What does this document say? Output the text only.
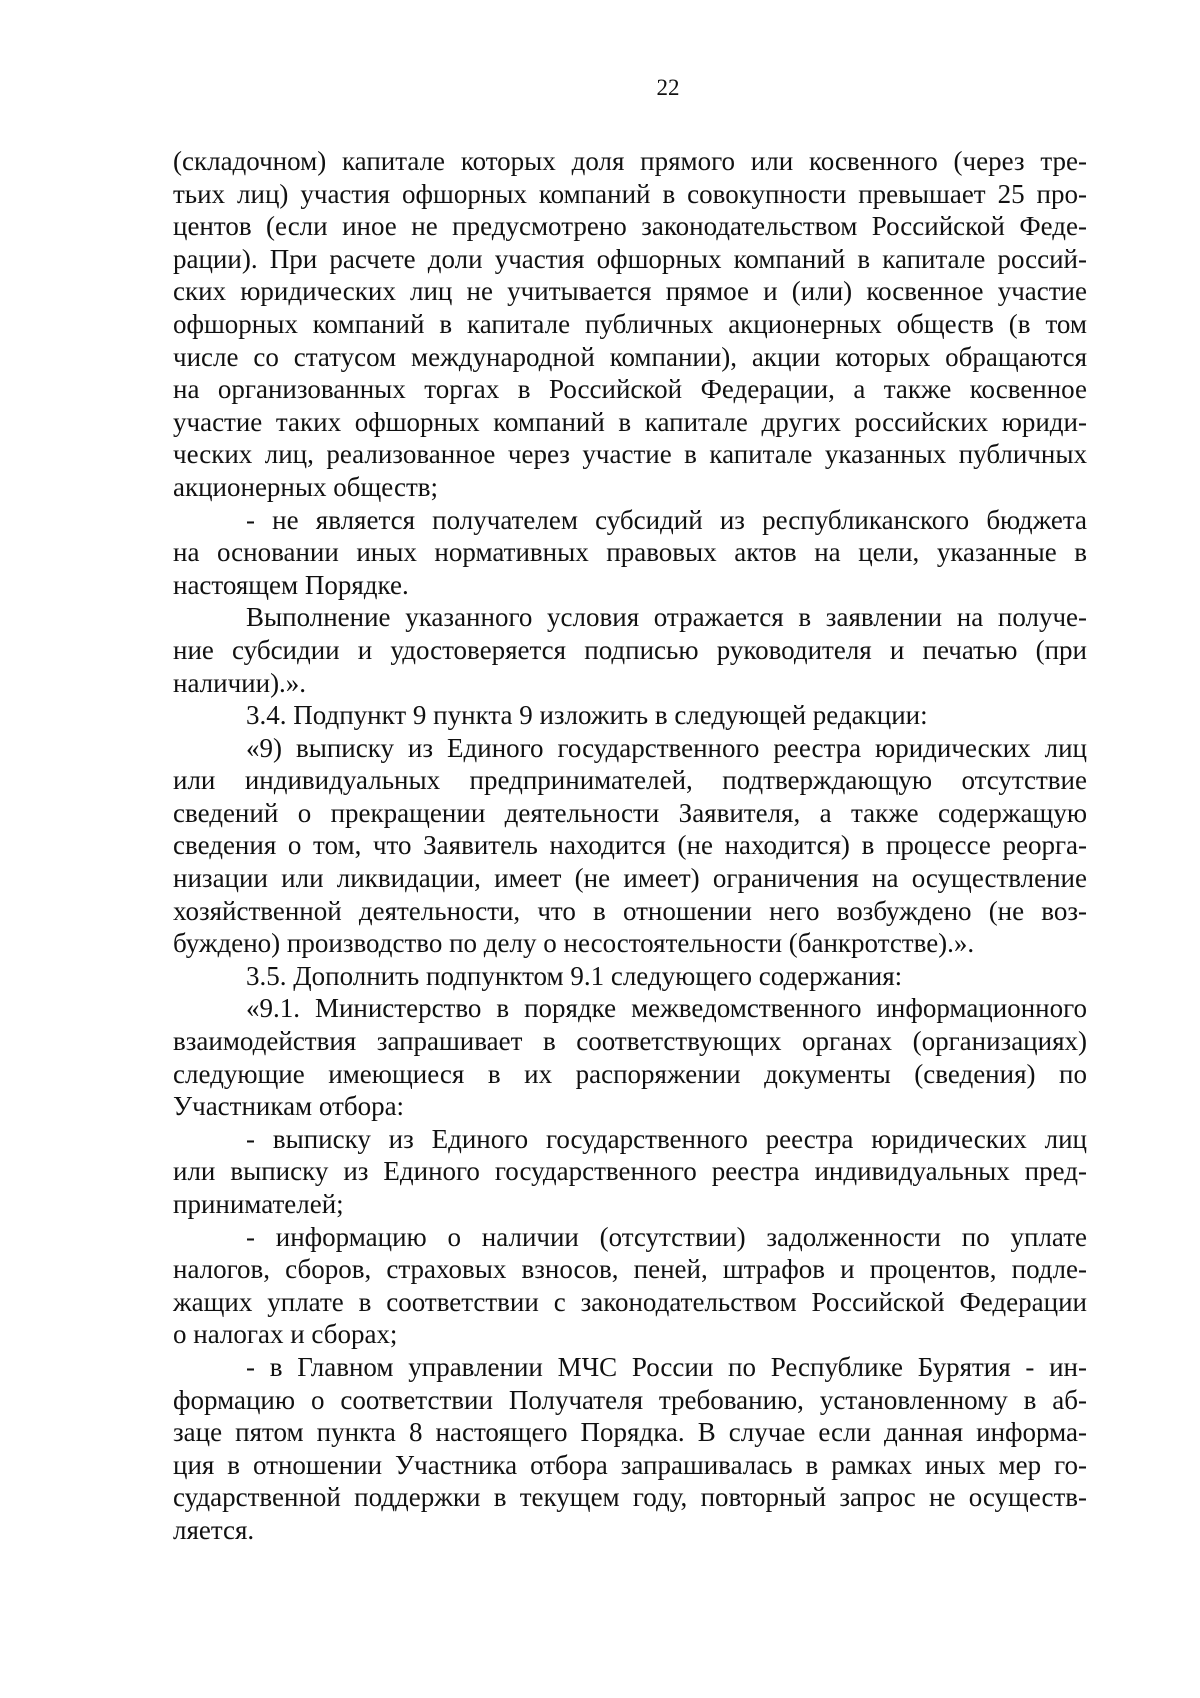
22
(складочном) капитале которых доля прямого или косвенного (через тре-
тьих лиц) участия офшорных компаний в совокупности превышает 25 про-
центов (если иное не предусмотрено законодательством Российской Феде-
рации). При расчете доли участия офшорных компаний в капитале россий-
ских юридических лиц не учитывается прямое и (или) косвенное участие
офшорных компаний в капитале публичных акционерных обществ (в том
числе со статусом международной компании), акции которых обращаются
на организованных торгах в Российской Федерации, а также косвенное
участие таких офшорных компаний в капитале других российских юриди-
ческих лиц, реализованное через участие в капитале указанных публичных
акционерных обществ;
- не является получателем субсидий из республиканского бюджета
на основании иных нормативных правовых актов на цели, указанные в
настоящем Порядке.
Выполнение указанного условия отражается в заявлении на получе-
ние субсидии и удостоверяется подписью руководителя и печатью (при
наличии).».
3.4. Подпункт 9 пункта 9 изложить в следующей редакции:
«9) выписку из Единого государственного реестра юридических лиц
или индивидуальных предпринимателей, подтверждающую отсутствие
сведений о прекращении деятельности Заявителя, а также содержащую
сведения о том, что Заявитель находится (не находится) в процессе реорга-
низации или ликвидации, имеет (не имеет) ограничения на осуществление
хозяйственной деятельности, что в отношении него возбуждено (не воз-
буждено) производство по делу о несостоятельности (банкротстве).».
3.5. Дополнить подпунктом 9.1 следующего содержания:
«9.1. Министерство в порядке межведомственного информационного
взаимодействия запрашивает в соответствующих органах (организациях)
следующие имеющиеся в их распоряжении документы (сведения) по
Участникам отбора:
- выписку из Единого государственного реестра юридических лиц
или выписку из Единого государственного реестра индивидуальных пред-
принимателей;
- информацию о наличии (отсутствии) задолженности по уплате
налогов, сборов, страховых взносов, пеней, штрафов и процентов, подле-
жащих уплате в соответствии с законодательством Российской Федерации
о налогах и сборах;
- в Главном управлении МЧС России по Республике Бурятия - ин-
формацию о соответствии Получателя требованию, установленному в аб-
заце пятом пункта 8 настоящего Порядка. В случае если данная информа-
ция в отношении Участника отбора запрашивалась в рамках иных мер го-
сударственной поддержки в текущем году, повторный запрос не осуществ-
ляется.
